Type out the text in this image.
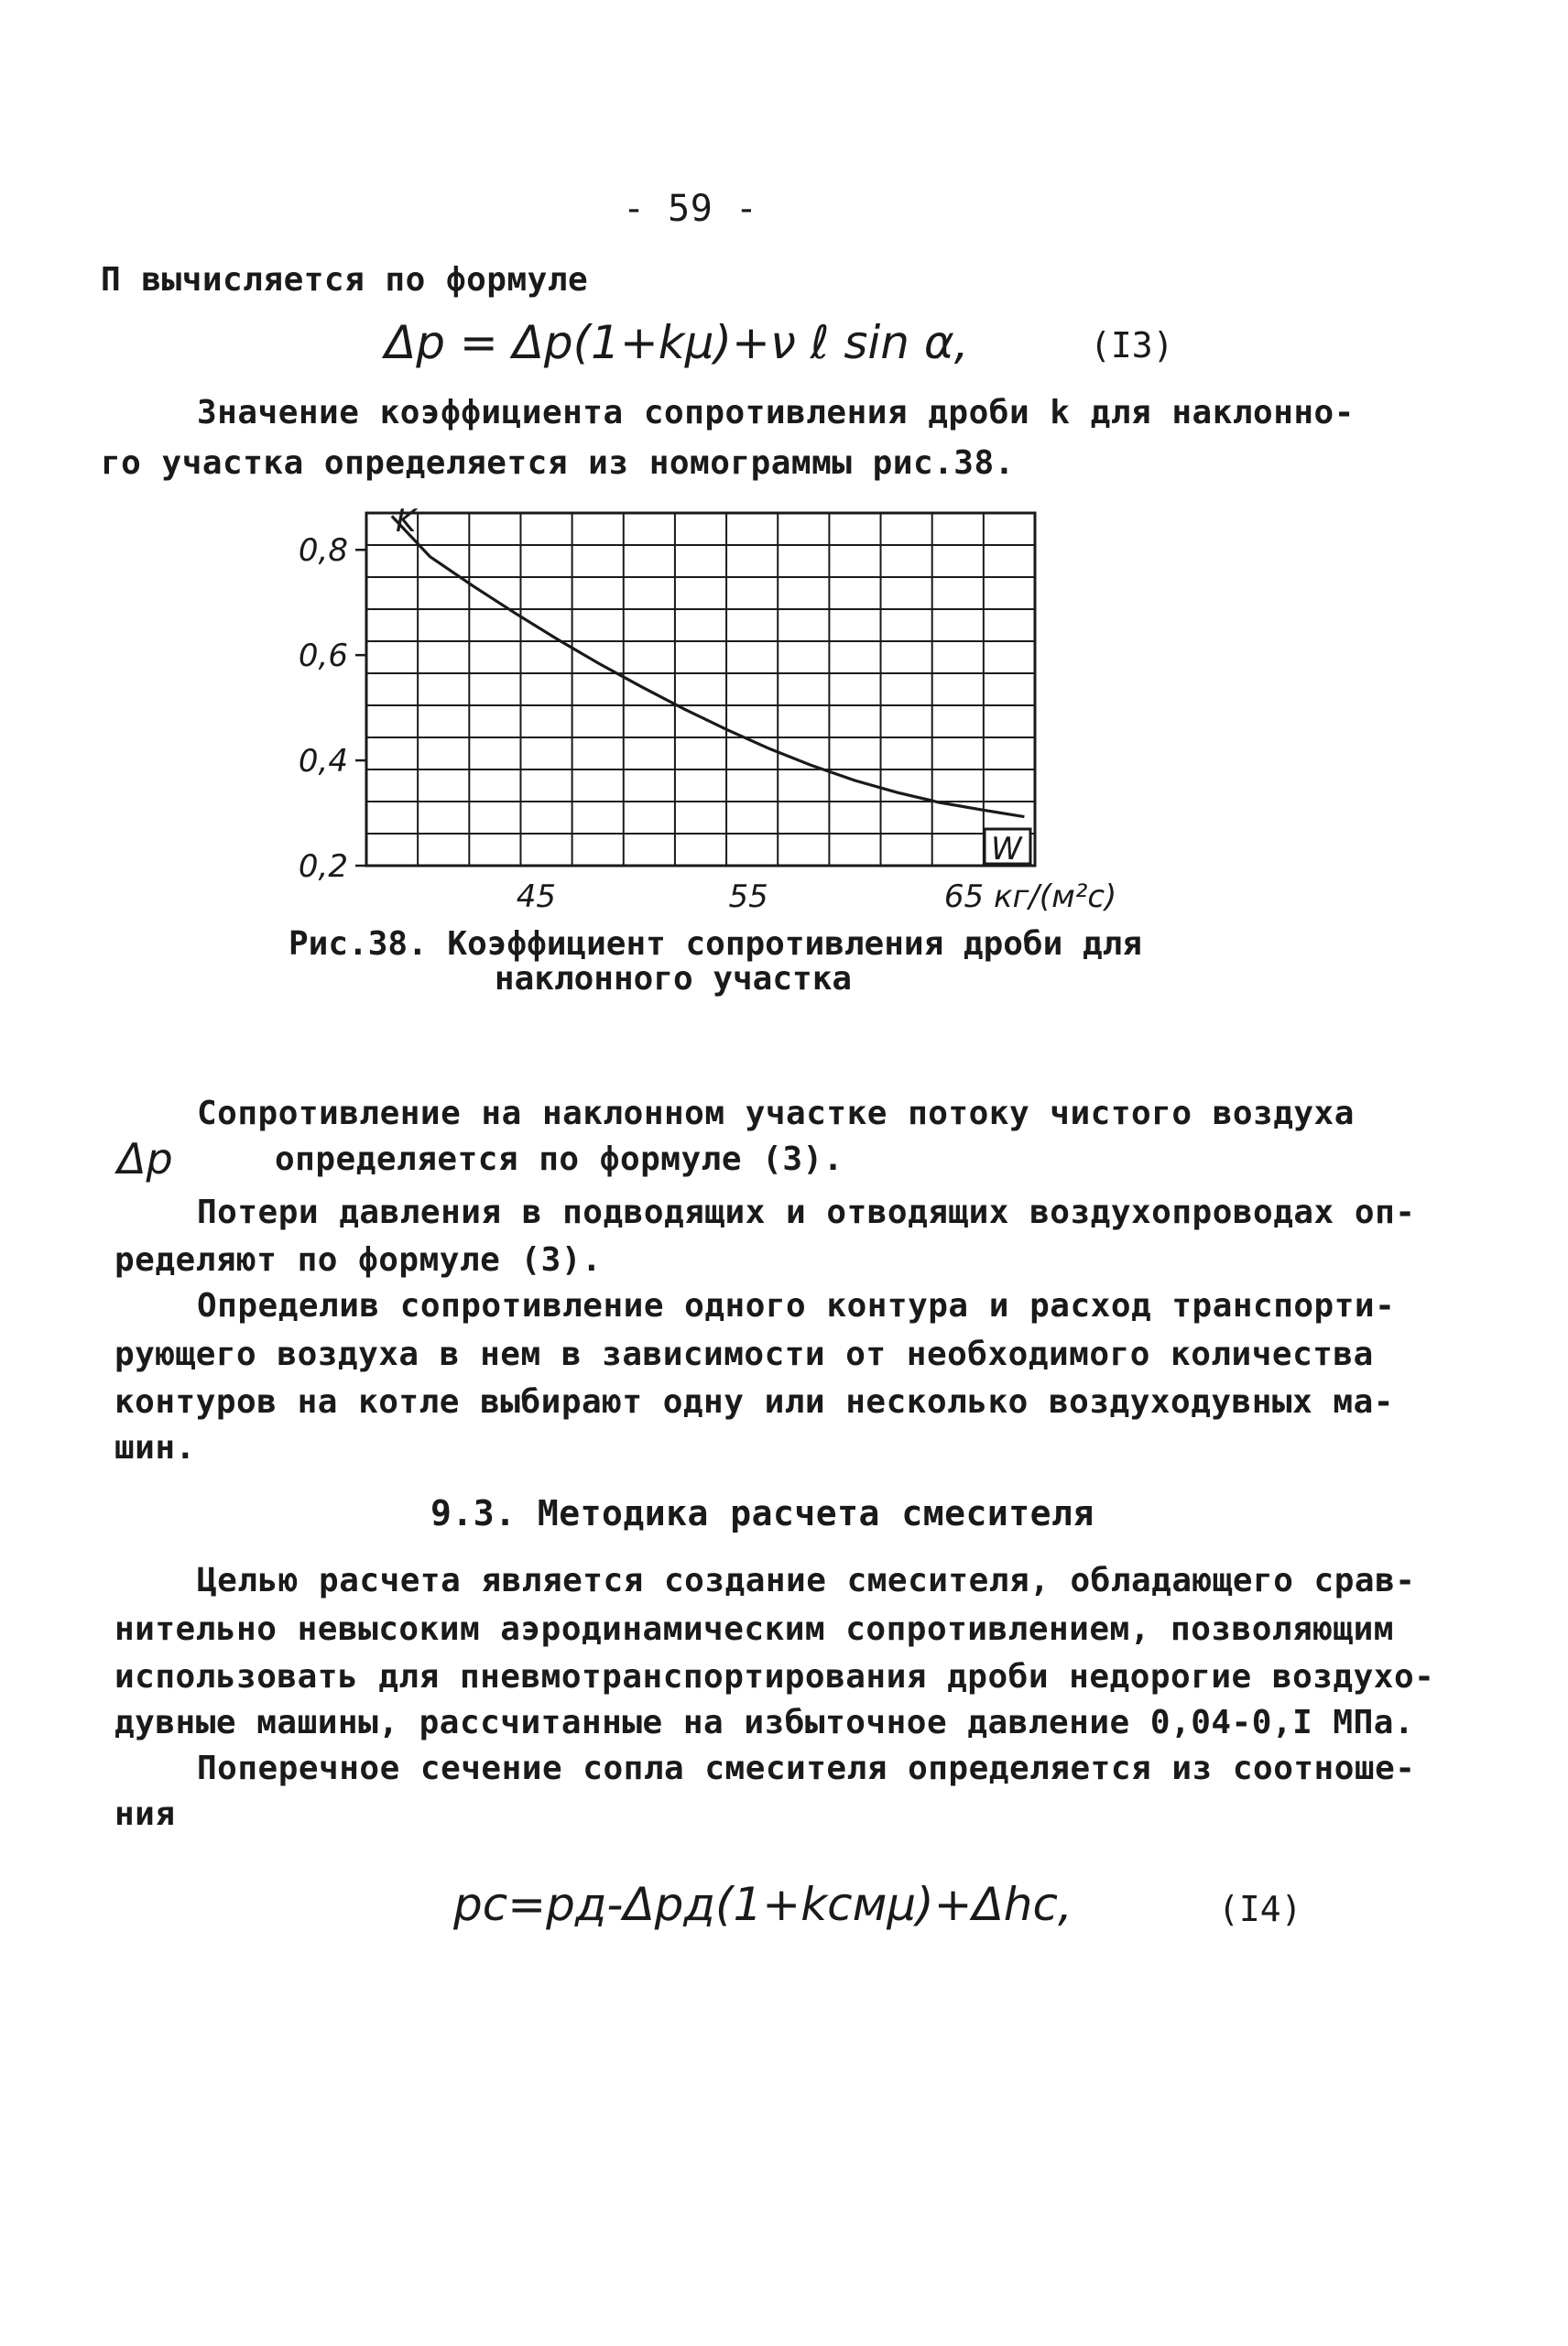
- 59 -
П вычисляется по формуле
Δp = Δp(1+kμ)+ν ℓ sin α,	(I3)
Значение коэффициента сопротивления дроби k для наклонно-
го участка определяется из номограммы рис.38.
0,2
0,4
0,6
0,8
45	55	65 кг/(м²с)
K
W
Рис.38. Коэффициент сопротивления дроби для
наклонного участка
Сопротивление на наклонном участке потоку чистого воздуха
Δp	определяется по формуле (3).
Потери давления в подводящих и отводящих воздухопроводах оп-
ределяют по формуле (3).
Определив сопротивление одного контура и расход транспорти-
рующего воздуха в нем в зависимости от необходимого количества
контуров на котле выбирают одну или несколько воздуходувных ма-
шин.
9.3. Методика расчета смесителя
Целью расчета является создание смесителя, обладающего срав-
нительно невысоким аэродинамическим сопротивлением, позволяющим
использовать для пневмотранспортирования дроби недорогие воздухо-
дувные машины, рассчитанные на избыточное давление 0,04-0,I МПа.
Поперечное сечение сопла смесителя определяется из соотноше-
ния
pc=pд-Δpд(1+kсмμ)+Δhc,	(I4)
